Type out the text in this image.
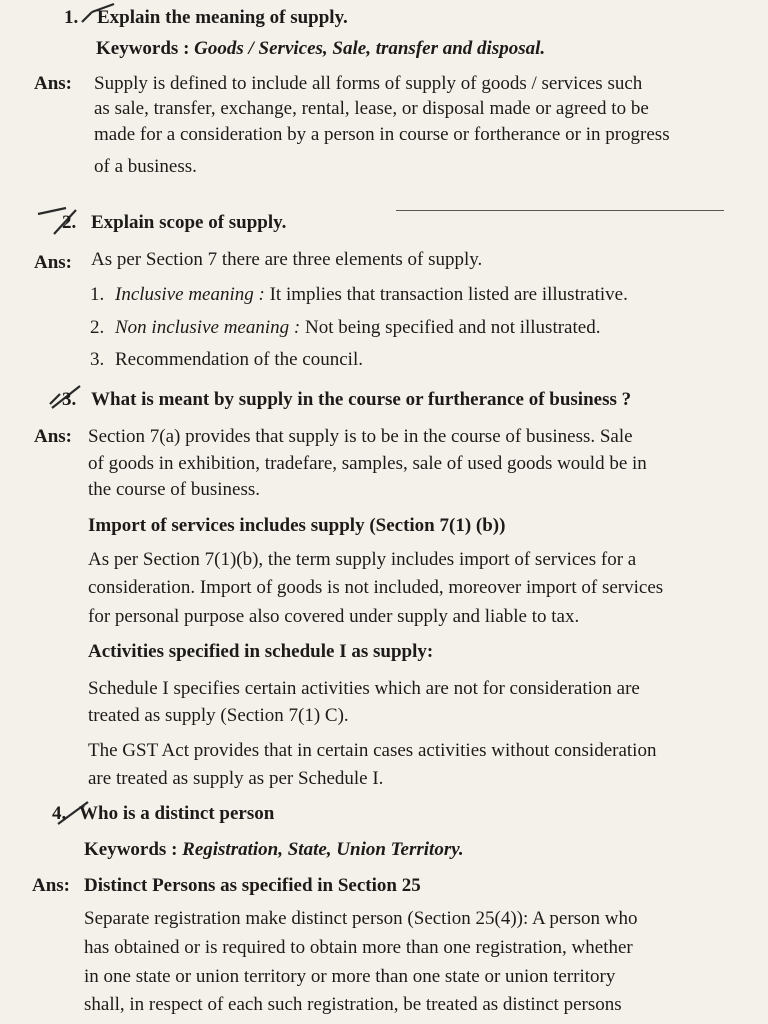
1. Explain the meaning of supply.
Keywords : Goods / Services, Sale, transfer and disposal.
Ans: Supply is defined to include all forms of supply of goods / services such
as sale, transfer, exchange, rental, lease, or disposal made or agreed to be
made for a consideration by a person in course or fortherance or in progress
of a business.
2. Explain scope of supply.
Ans: As per Section 7 there are three elements of supply.
1. Inclusive meaning : It implies that transaction listed are illustrative.
2. Non inclusive meaning : Not being specified and not illustrated.
3. Recommendation of the council.
3. What is meant by supply in the course or furtherance of business ?
Ans: Section 7(a) provides that supply is to be in the course of business. Sale
of goods in exhibition, tradefare, samples, sale of used goods would be in
the course of business.
Import of services includes supply (Section 7(1) (b))
As per Section 7(1)(b), the term supply includes import of services for a
consideration. Import of goods is not included, moreover import of services
for personal purpose also covered under supply and liable to tax.
Activities specified in schedule I as supply:
Schedule I specifies certain activities which are not for consideration are
treated as supply (Section 7(1) C).
The GST Act provides that in certain cases activities without consideration
are treated as supply as per Schedule I.
4. Who is a distinct person
Keywords : Registration, State, Union Territory.
Ans: Distinct Persons as specified in Section 25
Separate registration make distinct person (Section 25(4)): A person who
has obtained or is required to obtain more than one registration, whether
in one state or union territory or more than one state or union territory
shall, in respect of each such registration, be treated as distinct persons
